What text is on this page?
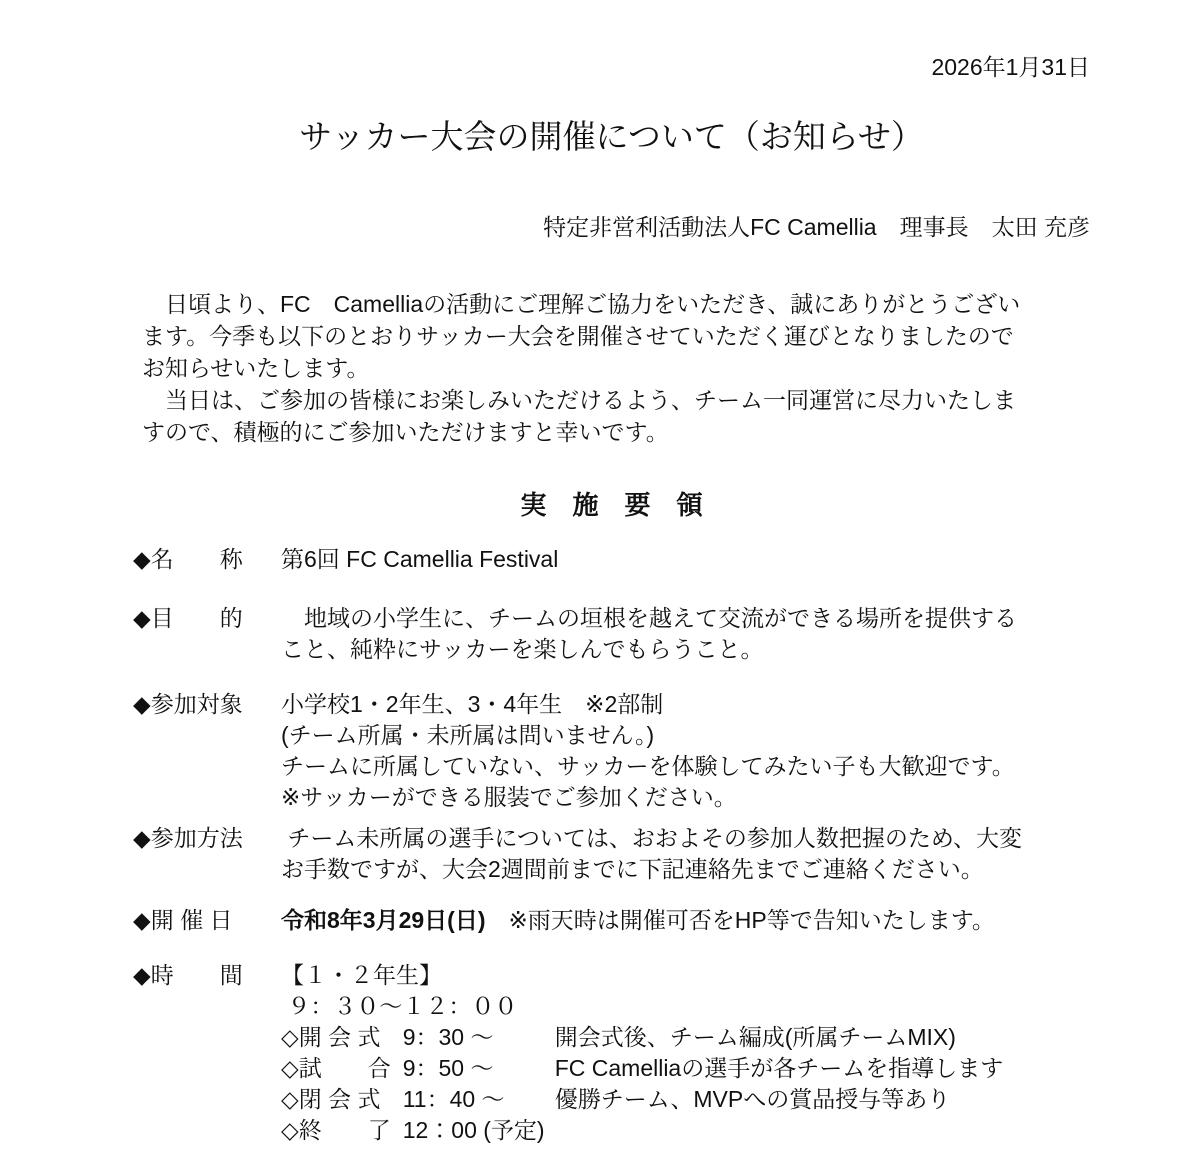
2026年1月31日
サッカー大会の開催について（お知らせ）
特定非営利活動法人FC Camellia　理事長　太田 充彦
　日頃より、FC　Camelliaの活動にご理解ご協力をいただき、誠にありがとうござい
ます。今季も以下のとおりサッカー大会を開催させていただく運びとなりましたので
お知らせいたします。
　当日は、ご参加の皆様にお楽しみいただけるよう、チーム一同運営に尽力いたしま
すので、積極的にご参加いただけますと幸いです。
実　施　要　領
◆名　　称	第6回 FC Camellia Festival
◆目　　的	　地域の小学生に、チームの垣根を越えて交流ができる場所を提供する
こと、純粋にサッカーを楽しんでもらうこと。
◆参加対象	小学校1・2年生、3・4年生　※2部制
(チーム所属・未所属は問いません。)
チームに所属していない、サッカーを体験してみたい子も大歓迎です。
※サッカーができる服装でご参加ください。
◆参加方法	チーム未所属の選手については、おおよその参加人数把握のため、大変
お手数ですが、大会2週間前までに下記連絡先までご連絡ください。
◆開 催 日	令和8年3月29日(日)　※雨天時は開催可否をHP等で告知いたします。
◆時　　間	【１・２年生】
９：３０～１２：００
◇開 会 式 9：30 ～	開会式後、チーム編成(所属チームMIX)
◇試　　合 9：50 ～	FC Camelliaの選手が各チームを指導します
◇閉 会 式 11：40 ～ 優勝チーム、MVPへの賞品授与等あり
◇終　　了 12：00 (予定)
